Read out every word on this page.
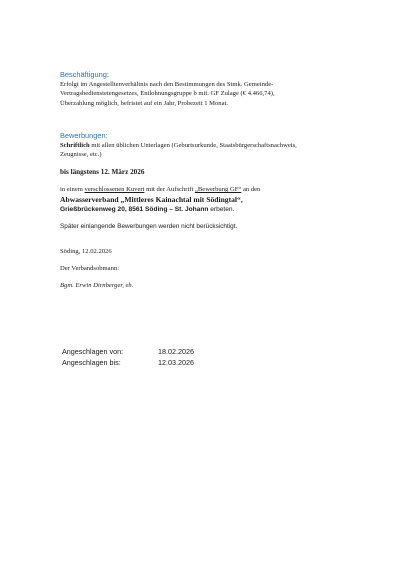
Beschäftigung:
Erfolgt im Angestelltenverhältnis nach den Bestimmungen des Stmk. Gemeinde-
Vertragsbedienstetengesetzes, Entlohnungsgruppe b mit. GF Zulage (€ 4.466,74),
Überzahlung möglich, befristet auf ein Jahr, Probezeit 1 Monat.
Bewerbungen:
Schriftlich mit allen üblichen Unterlagen (Geburtsurkunde, Staatsbürgerschaftsnachweis,
Zeugnisse, etc.)
bis längstens 12. März 2026
in einem verschlossenen Kuvert mit der Aufschrift „Bewerbung GF“ an den
Abwasserverband „Mittleres Kainachtal mit Södingtal“,
Grießbrückenweg 20, 8561 Söding – St. Johann erbeten.
Später einlangende Bewerbungen werden nicht berücksichtigt.
Söding, 12.02.2026
Der Verbandsobmann:
Bgm. Erwin Dirnberger, eh.
Angeschlagen von:	18.02.2026
Angeschlagen bis:	12.03.2026
